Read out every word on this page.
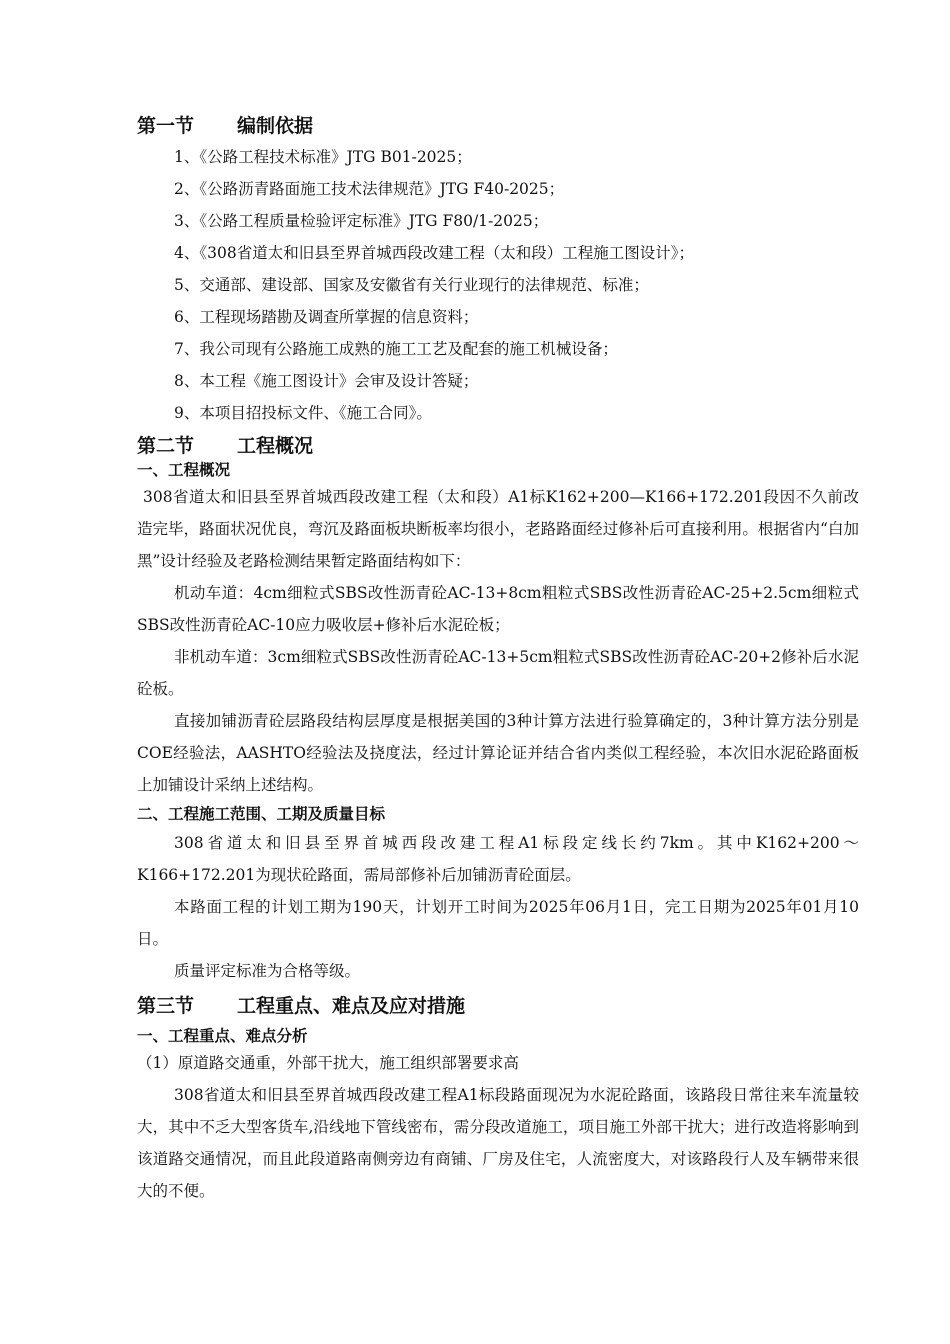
第一节 编制依据

1、《公路工程技术标准》JTG B01-2025；

2、《公路沥青路面施工技术法律规范》JTG F40-2025；

3、《公路工程质量检验评定标准》JTG F80/1-2025；

4、《308省道太和旧县至界首城西段改建工程（太和段）工程施工图设计》；

5、交通部、建设部、国家及安徽省有关行业现行的法律规范、标准；

6、工程现场踏勘及调查所掌握的信息资料；

7、我公司现有公路施工成熟的施工工艺及配套的施工机械设备；

8、本工程《施工图设计》会审及设计答疑；

9、本项目招投标文件、《施工合同》。

第二节 工程概况
一、工程概况

308省道太和旧县至界首城西段改建工程（太和段）A1标K162+200—K166+172.201段因不久前改造完毕，路面状况优良，弯沉及路面板块断板率均很小，老路路面经过修补后可直接利用。根据省内“白加黑”设计经验及老路检测结果暂定路面结构如下：

机动车道：4cm细粒式SBS改性沥青砼AC-13+8cm粗粒式SBS改性沥青砼AC-25+2.5cm细粒式SBS改性沥青砼AC-10应力吸收层+修补后水泥砼板；

非机动车道：3cm细粒式SBS改性沥青砼AC-13+5cm粗粒式SBS改性沥青砼AC-20+2修补后水泥砼板。

直接加铺沥青砼层路段结构层厚度是根据美国的3种计算方法进行验算确定的，3种计算方法分别是COE经验法，AASHTO经验法及挠度法，经过计算论证并结合省内类似工程经验，本次旧水泥砼路面板上加铺设计采纳上述结构。

二、工程施工范围、工期及质量目标

308省道太和旧县至界首城西段改建工程A1标段定线长约7km。其中K162+200～K166+172.201为现状砼路面，需局部修补后加铺沥青砼面层。

本路面工程的计划工期为190天，计划开工时间为2025年06月1日，完工日期为2025年01月10日。

质量评定标准为合格等级。

第三节 工程重点、难点及应对措施
一、工程重点、难点分析

（1）原道路交通重，外部干扰大，施工组织部署要求高

308省道太和旧县至界首城西段改建工程A1标段路面现况为水泥砼路面，该路段日常往来车流量较大，其中不乏大型客货车,沿线地下管线密布，需分段改道施工，项目施工外部干扰大；进行改造将影响到该道路交通情况，而且此段道路南侧旁边有商铺、厂房及住宅，人流密度大，对该路段行人及车辆带来很大的不便。
